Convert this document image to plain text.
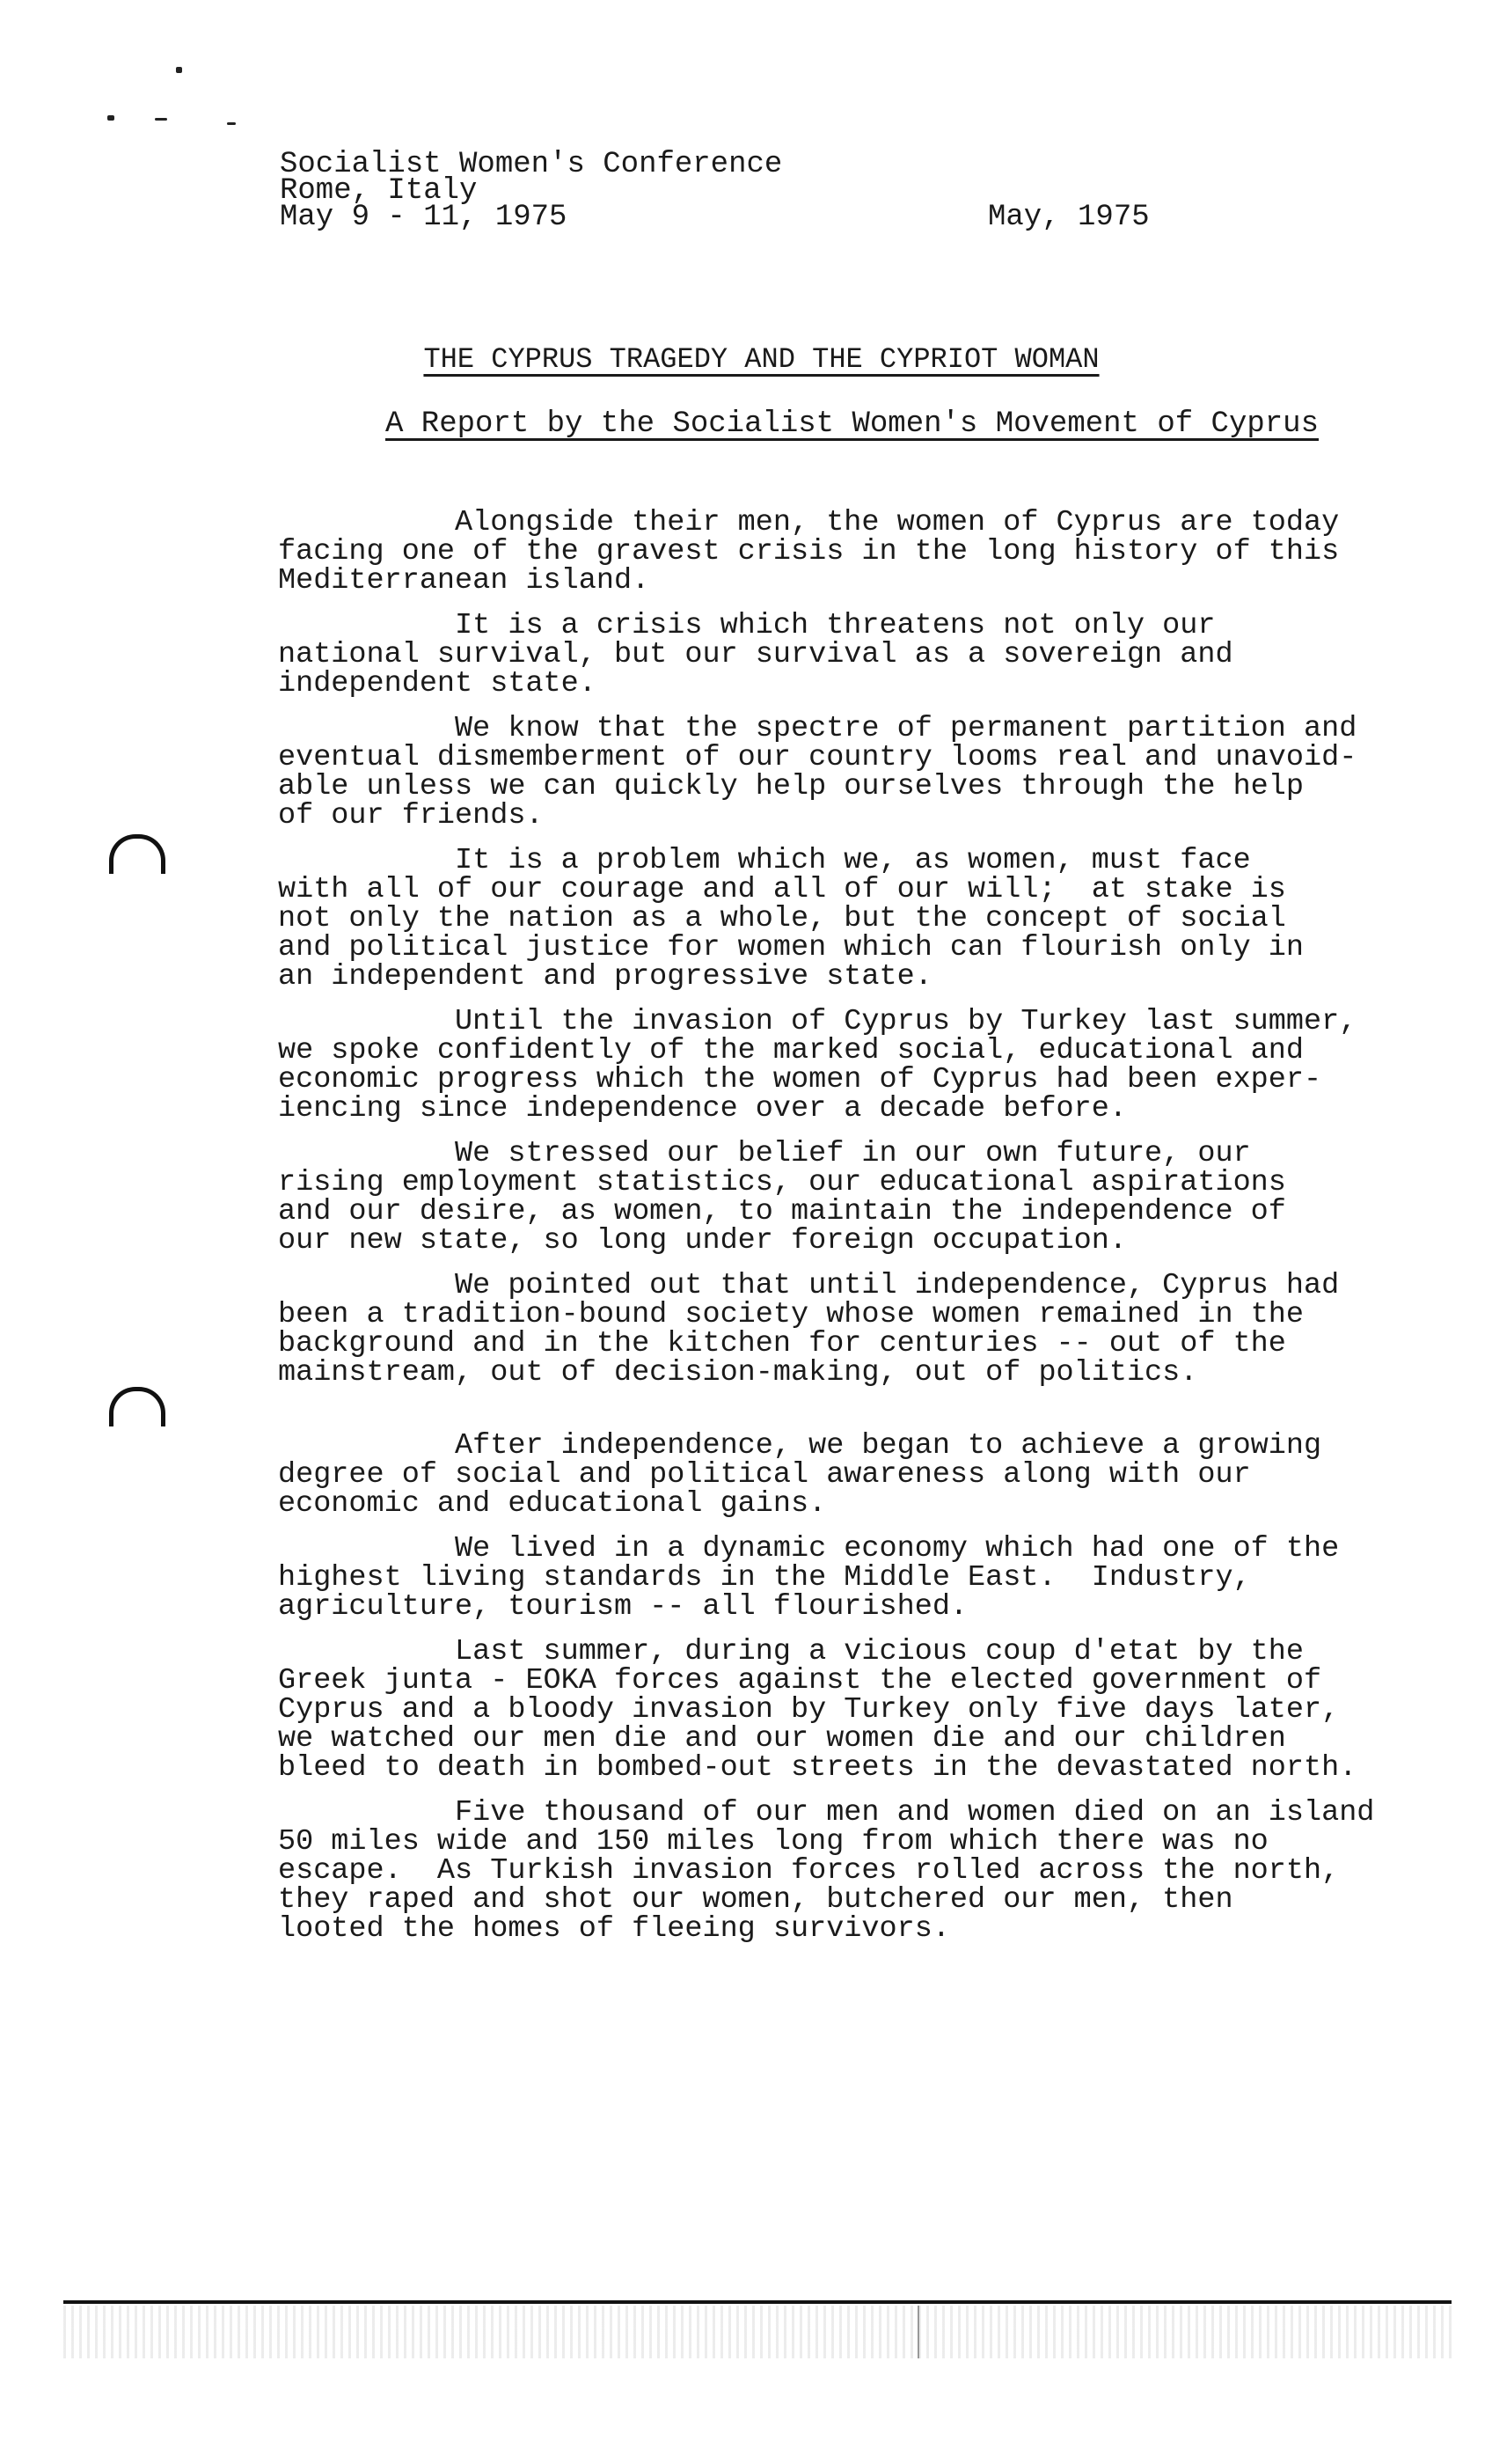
Socialist Women's Conference
Rome, Italy
May 9 - 11, 1975	May, 1975
THE CYPRUS TRAGEDY AND THE CYPRIOT WOMAN
A Report by the Socialist Women's Movement of Cyprus

Alongside their men, the women of Cyprus are today
facing one of the gravest crisis in the long history of this
Mediterranean island.

It is a crisis which threatens not only our
national survival, but our survival as a sovereign and
independent state.

We know that the spectre of permanent partition and
eventual dismemberment of our country looms real and unavoid-
able unless we can quickly help ourselves through the help
of our friends.

It is a problem which we, as women, must face
with all of our courage and all of our will;  at stake is
not only the nation as a whole, but the concept of social
and political justice for women which can flourish only in
an independent and progressive state.

Until the invasion of Cyprus by Turkey last summer,
we spoke confidently of the marked social, educational and
economic progress which the women of Cyprus had been exper-
iencing since independence over a decade before.

We stressed our belief in our own future, our
rising employment statistics, our educational aspirations
and our desire, as women, to maintain the independence of
our new state, so long under foreign occupation.

We pointed out that until independence, Cyprus had
been a tradition-bound society whose women remained in the
background and in the kitchen for centuries -- out of the
mainstream, out of decision-making, out of politics.

After independence, we began to achieve a growing
degree of social and political awareness along with our
economic and educational gains.

We lived in a dynamic economy which had one of the
highest living standards in the Middle East.  Industry,
agriculture, tourism -- all flourished.

Last summer, during a vicious coup d'etat by the
Greek junta - EOKA forces against the elected government of
Cyprus and a bloody invasion by Turkey only five days later,
we watched our men die and our women die and our children
bleed to death in bombed-out streets in the devastated north.

Five thousand of our men and women died on an island
50 miles wide and 150 miles long from which there was no
escape.  As Turkish invasion forces rolled across the north,
they raped and shot our women, butchered our men, then
looted the homes of fleeing survivors.
